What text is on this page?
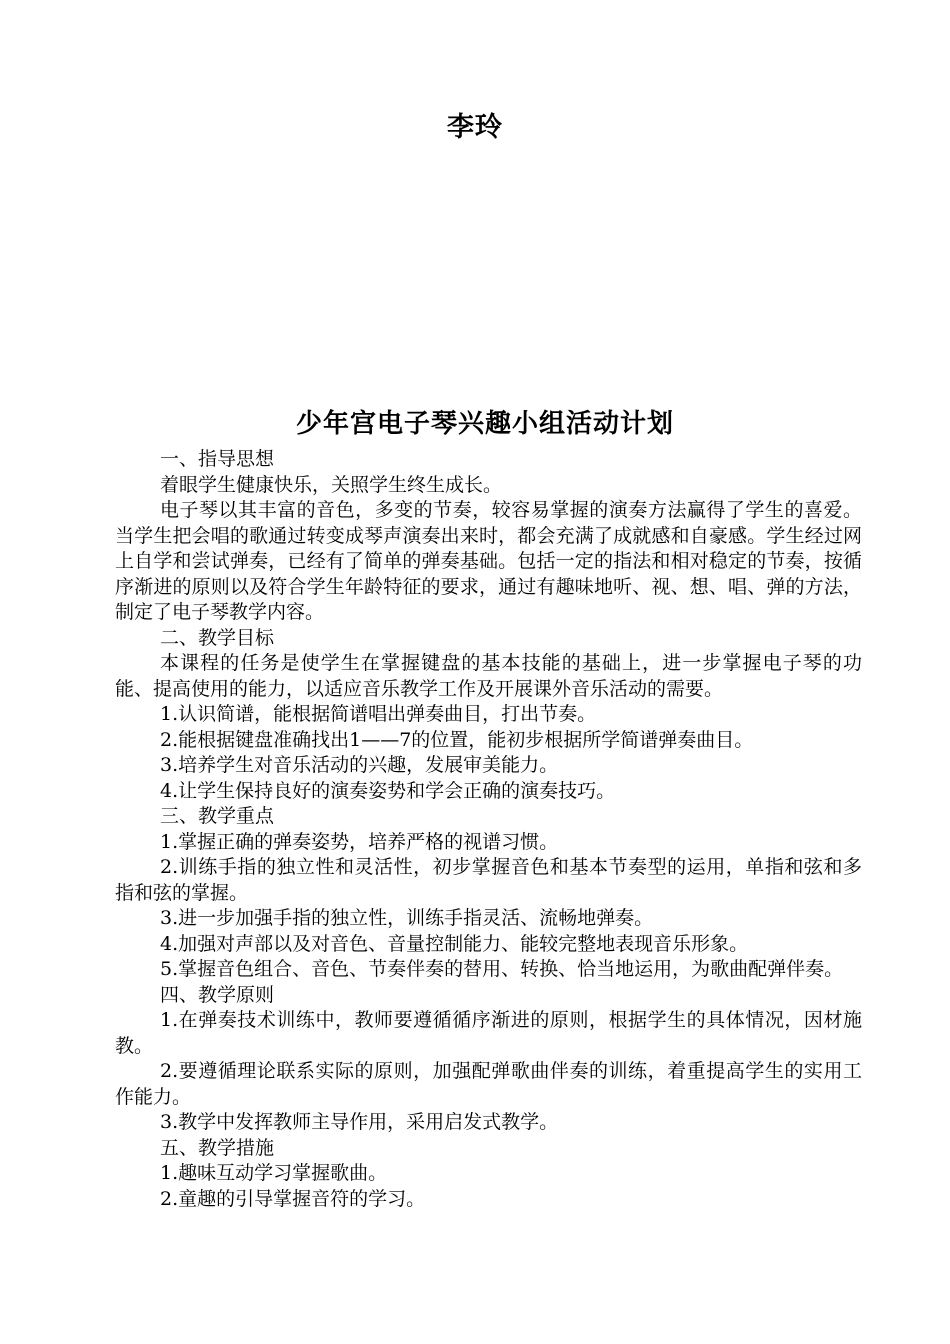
李玲
少年宫电子琴兴趣小组活动计划

一、指导思想

着眼学生健康快乐，关照学生终生成长。

电子琴以其丰富的音色，多变的节奏，较容易掌握的演奏方法赢得了学生的喜爱。当学生把会唱的歌通过转变成琴声演奏出来时，都会充满了成就感和自豪感。学生经过网上自学和尝试弹奏，已经有了简单的弹奏基础。包括一定的指法和相对稳定的节奏，按循序渐进的原则以及符合学生年龄特征的要求，通过有趣味地听、视、想、唱、弹的方法，制定了电子琴教学内容。

二、教学目标

本课程的任务是使学生在掌握键盘的基本技能的基础上，进一步掌握电子琴的功能、提高使用的能力，以适应音乐教学工作及开展课外音乐活动的需要。

1.认识简谱，能根据简谱唱出弹奏曲目，打出节奏。

2.能根据键盘准确找出1——7的位置，能初步根据所学简谱弹奏曲目。

3.培养学生对音乐活动的兴趣，发展审美能力。

4.让学生保持良好的演奏姿势和学会正确的演奏技巧。

三、教学重点

1.掌握正确的弹奏姿势，培养严格的视谱习惯。

2.训练手指的独立性和灵活性，初步掌握音色和基本节奏型的运用，单指和弦和多指和弦的掌握。

3.进一步加强手指的独立性，训练手指灵活、流畅地弹奏。

4.加强对声部以及对音色、音量控制能力、能较完整地表现音乐形象。

5.掌握音色组合、音色、节奏伴奏的替用、转换、恰当地运用，为歌曲配弹伴奏。

四、教学原则

1.在弹奏技术训练中，教师要遵循循序渐进的原则，根据学生的具体情况，因材施教。

2.要遵循理论联系实际的原则，加强配弹歌曲伴奏的训练，着重提高学生的实用工作能力。

3.教学中发挥教师主导作用，采用启发式教学。

五、教学措施

1.趣味互动学习掌握歌曲。

2.童趣的引导掌握音符的学习。
